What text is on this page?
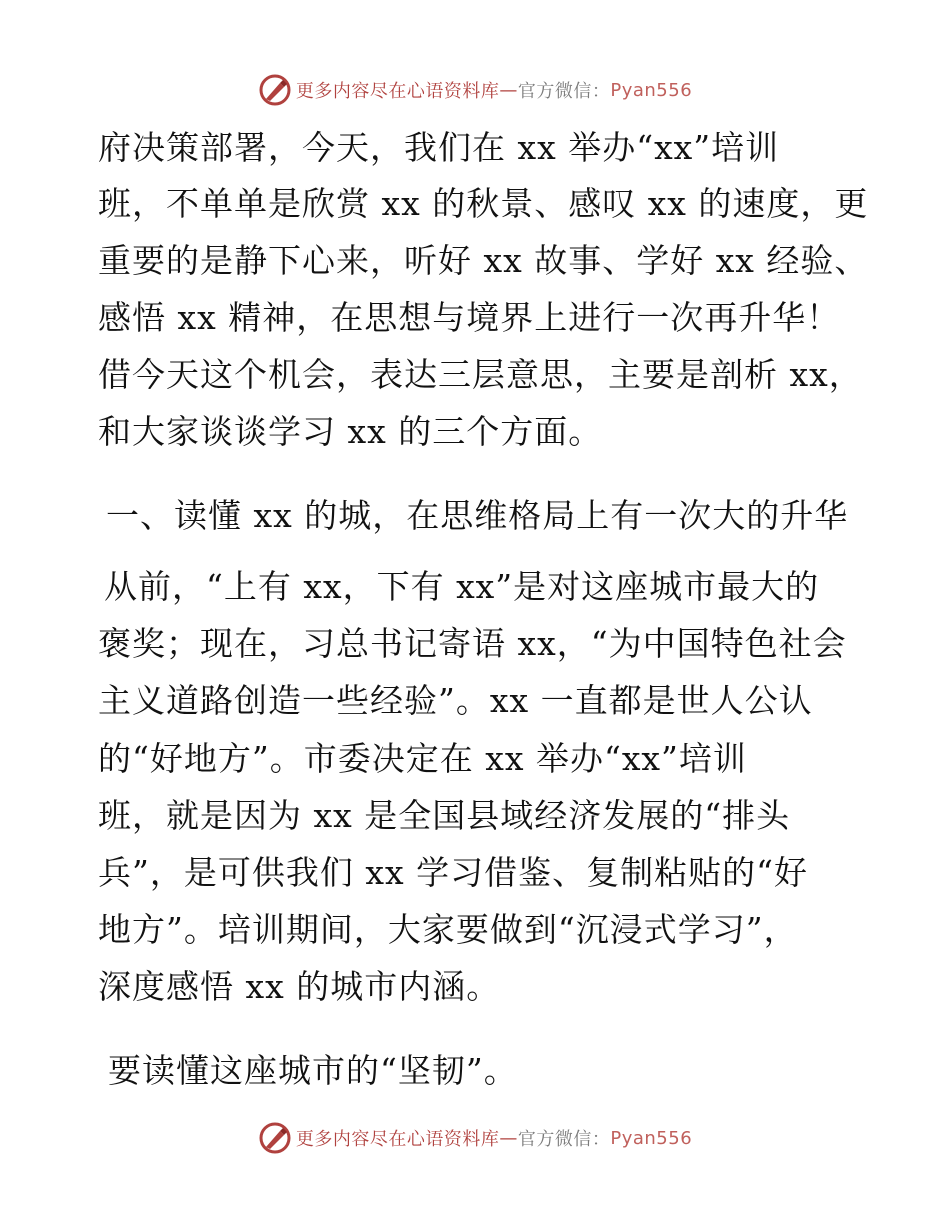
更多内容尽在心语资料库 — 官方微信： Pyan556
府决策部署，今天，我们在 xx 举办“xx”培训
班，不单单是欣赏 xx 的秋景、感叹 xx 的速度，更
重要的是静下心来，听好 xx 故事、学好 xx 经验、
感悟 xx 精神，在思想与境界上进行一次再升华！
借今天这个机会，表达三层意思，主要是剖析 xx，
和大家谈谈学习 xx 的三个方面。
一、读懂 xx 的城，在思维格局上有一次大的升华
从前，“上有 xx，下有 xx”是对这座城市最大的
褒奖；现在，习总书记寄语 xx，“为中国特色社会
主义道路创造一些经验”。xx 一直都是世人公认
的“好地方”。市委决定在 xx 举办“xx”培训
班，就是因为 xx 是全国县域经济发展的“排头
兵”，是可供我们 xx 学习借鉴、复制粘贴的“好
地方”。培训期间，大家要做到“沉浸式学习”，
深度感悟 xx 的城市内涵。
要读懂这座城市的“坚韧”。
更多内容尽在心语资料库 — 官方微信： Pyan556
